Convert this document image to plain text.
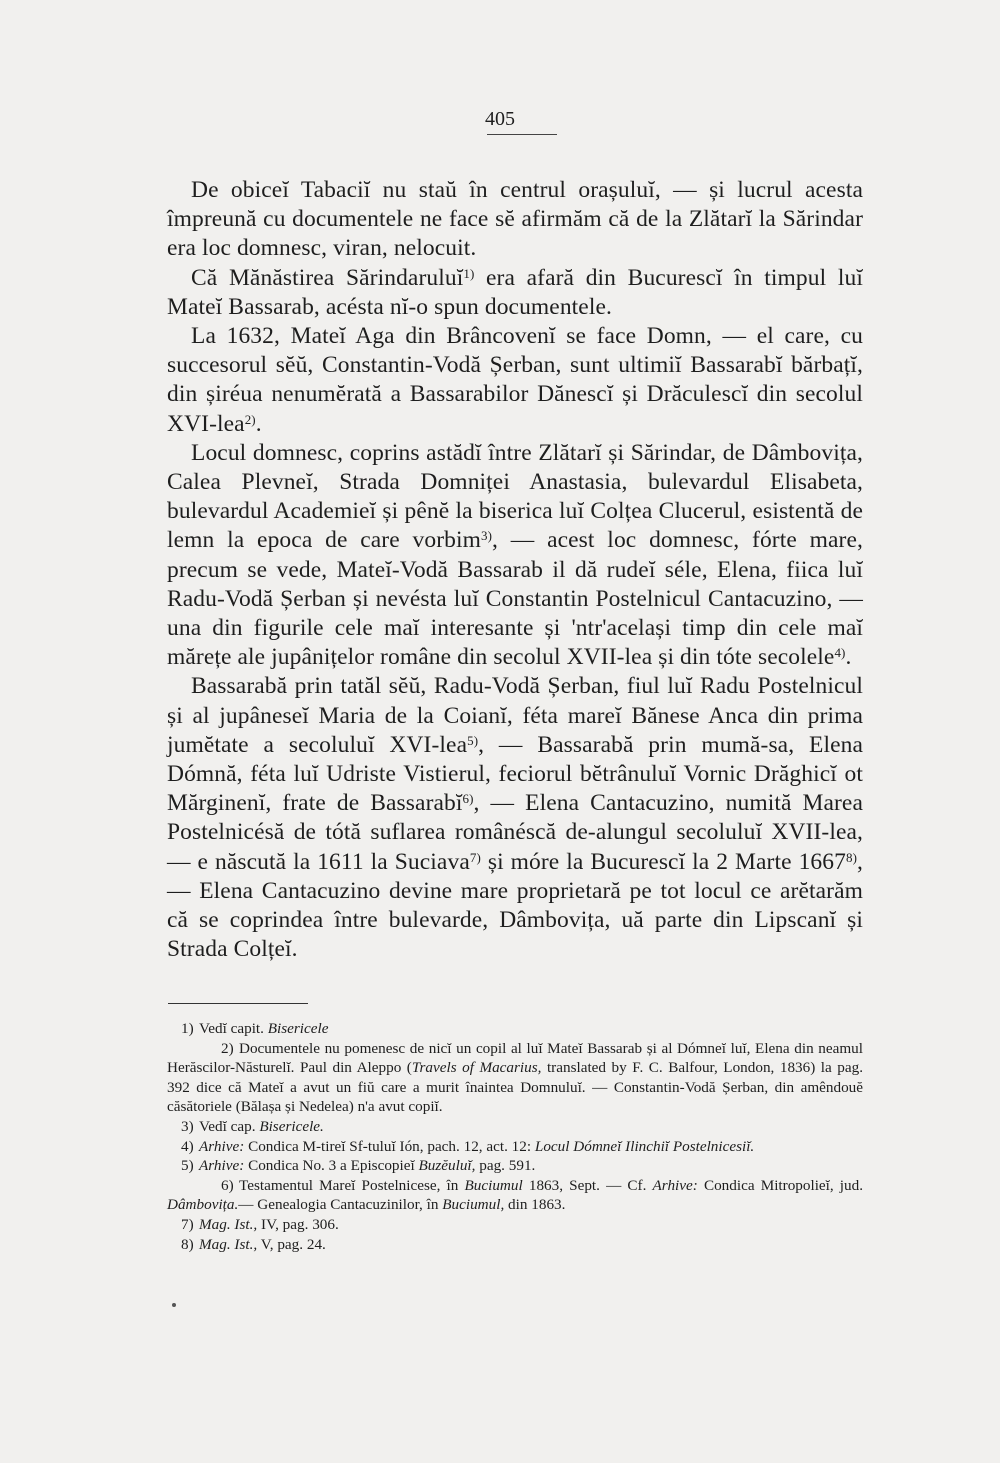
405

De obiceĭ Tabaciĭ nu staŭ în centrul orașuluĭ, — și lucrul acesta împreună cu documentele ne face sĕ afirmăm că de la Zlătarĭ la Sărindar era loc domnesc, viran, nelocuit.

Că Mănăstirea Sărindaruluĭ$^{1)}$ era afară din Bucurescĭ în timpul luĭ Mateĭ Bassarab, acésta nĭ-o spun documentele.

La 1632, Mateĭ Aga din Brâncovenĭ se face Domn, — el care, cu succesorul sĕŭ, Constantin-Vodă Șerban, sunt ultimiĭ Bassarabĭ bărbațĭ, din șiréua nenumĕrată a Bassarabilor Dănescĭ și Drăculescĭ din secolul XVI-lea$^{2)}$.

Locul domnesc, coprins astădĭ între Zlătarĭ și Sărindar, de Dâmbovița, Calea Plevneĭ, Strada Domniței Anastasia, bulevardul Elisabeta, bulevardul Academieĭ și pênĕ la biserica luĭ Colțea Clucerul, esistentă de lemn la epoca de care vorbim$^{3)}$, — acest loc domnesc, fórte mare, precum se vede, Mateĭ-Vodă Bassarab il dă rudeĭ séle, Elena, fiica luĭ Radu-Vodă Șerban și nevésta luĭ Constantin Postelnicul Cantacuzino, — una din figurile cele maĭ interesante și 'ntr'același timp din cele maĭ mărețe ale jupânițelor române din secolul XVII-lea și din tóte secolele$^{4)}$.

Bassarabă prin tatăl sĕŭ, Radu-Vodă Șerban, fiul luĭ Radu Postelnicul și al jupâneseĭ Maria de la Coianĭ, féta mareĭ Bănese Anca din prima jumĕtate a secoluluĭ XVI-lea$^{5)}$, — Bassarabă prin mumă-sa, Elena Dómnă, féta luĭ Udriste Vistierul, feciorul bĕtrânuluĭ Vornic Drăghicĭ ot Mărginenĭ, frate de Bassarabĭ$^{6)}$, — Elena Cantacuzino, numită Marea Postelnicésă de tótă suflarea românéscă de-alungul secoluluĭ XVII-lea, — e născută la 1611 la Suciava$^{7)}$ și móre la Bucurescĭ la 2 Marte 1667$^{8)}$, — Elena Cantacuzino devine mare proprietară pe tot locul ce arĕtarăm că se coprindea între bulevarde, Dâmbovița, uă parte din Lipscanĭ și Strada Colțeĭ.

1) Vedĭ capit. Bisericele

2) Documentele nu pomenesc de nicĭ un copil al luĭ Mateĭ Bassarab și al Dómneĭ luĭ, Elena din neamul Herăscilor-Năsturelĭ. Paul din Aleppo (Travels of Macarius, translated by F. C. Balfour, London, 1836) la pag. 392 dice că Mateĭ a avut un fiŭ care a murit înaintea Domnuluĭ. — Constantin-Vodă Șerban, din amêndouĕ căsătoriele (Bălașa și Nedelea) n'a avut copiĭ.

3) Vedĭ cap. Bisericele.

4) Arhive: Condica M-tireĭ Sf-tuluĭ Ión, pach. 12, act. 12: Locul Dómneĭ Ilinchiĭ Postelnicesiĭ.

5) Arhive: Condica No. 3 a Episcopieĭ Buzĕuluĭ, pag. 591.

6) Testamentul Mareĭ Postelnicese, în Buciumul 1863, Sept. — Cf. Arhive: Condica Mitropolieĭ, jud. Dâmbovița.— Genealogia Cantacuzinilor, în Buciumul, din 1863.

7) Mag. Ist., IV, pag. 306.

8) Mag. Ist., V, pag. 24.
